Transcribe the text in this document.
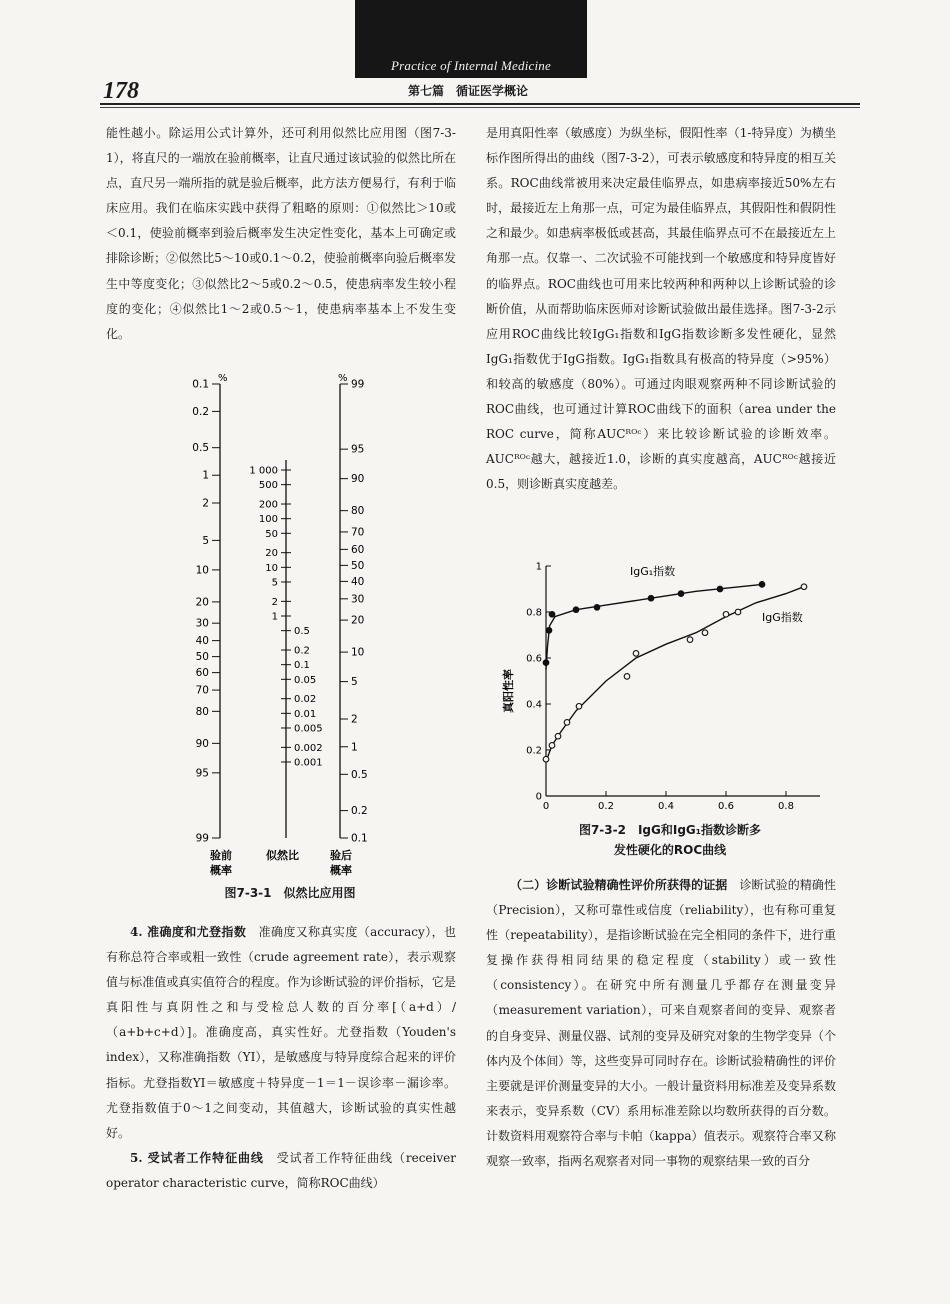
Practice of Internal Medicine
178	第七篇　循证医学概论

能性越小。除运用公式计算外，还可利用似然比应用图（图7-3-1），将直尺的一端放在验前概率，让直尺通过该试验的似然比所在点，直尺另一端所指的就是验后概率，此方法方便易行，有利于临床应用。我们在临床实践中获得了粗略的原则：①似然比＞10或＜0.1，使验前概率到验后概率发生决定性变化，基本上可确定或排除诊断；②似然比5～10或0.1～0.2，使验前概率向验后概率发生中等度变化；③似然比2～5或0.2～0.5，使患病率发生较小程度的变化；④似然比1～2或0.5～1，使患病率基本上不发生变化。

0.1
0.2
0.5
1
2
5
10
20
30
40
50
60
70
80
90
95
99
1 000
500
200
100
50
20
10
5
2
1
0.5
0.2
0.1
0.05
0.02
0.01
0.005
0.002
0.001
99
95
90
80
70
60
50
40
30
20
10
5
2
1
0.5
0.2
0.1
%	%
验前
概率
似然比	验后
概率
图7-3-1　似然比应用图

4. 准确度和尤登指数　 准确度又称真实度（accuracy），也有称总符合率或粗一致性（crude agreement rate），表示观察值与标准值或真实值符合的程度。作为诊断试验的评价指标，它是真阳性与真阴性之和与受检总人数的百分率[（a+d）/（a+b+c+d）]。准确度高，真实性好。尤登指数（Youden's index），又称准确指数（YI），是敏感度与特异度综合起来的评价指标。尤登指数YI＝敏感度＋特异度－1＝1－误诊率－漏诊率。尤登指数值于0～1之间变动，其值越大，诊断试验的真实性越好。

5. 受试者工作特征曲线　 受试者工作特征曲线（receiver operator characteristic curve，简称ROC曲线）

是用真阳性率（敏感度）为纵坐标，假阳性率（1-特异度）为横坐标作图所得出的曲线（图7-3-2），可表示敏感度和特异度的相互关系。ROC曲线常被用来决定最佳临界点，如患病率接近50%左右时，最接近左上角那一点，可定为最佳临界点，其假阳性和假阴性之和最少。如患病率极低或甚高，其最佳临界点可不在最接近左上角那一点。仅靠一、二次试验不可能找到一个敏感度和特异度皆好的临界点。ROC曲线也可用来比较两种和两种以上诊断试验的诊断价值，从而帮助临床医师对诊断试验做出最佳选择。图7-3-2示应用ROC曲线比较IgG₁指数和IgG指数诊断多发性硬化，显然IgG₁指数优于IgG指数。IgG₁指数具有极高的特异度（>95%）和较高的敏感度（80%）。可通过肉眼观察两种不同诊断试验的ROC曲线，也可通过计算ROC曲线下的面积（area under the ROC curve，简称AUCᴿᴼᶜ）来比较诊断试验的诊断效率。AUCᴿᴼᶜ越大，越接近1.0，诊断的真实度越高，AUCᴿᴼᶜ越接近0.5，则诊断真实度越差。

0	0.2	0.4	0.6	0.8
0
0.2
0.4
0.6
0.8
1
真阳性率
IgG₁指数
IgG指数
图7-3-2　IgG和IgG₁指数诊断多
发性硬化的ROC曲线

（二）诊断试验精确性评价所获得的证据　 诊断试验的精确性（Precision），又称可靠性或信度（reliability），也有称可重复性（repeatability），是指诊断试验在完全相同的条件下，进行重复操作获得相同结果的稳定程度（stability）或一致性（consistency）。在研究中所有测量几乎都存在测量变异（measurement variation），可来自观察者间的变异、观察者的自身变异、测量仪器、试剂的变异及研究对象的生物学变异（个体内及个体间）等，这些变异可同时存在。诊断试验精确性的评价主要就是评价测量变异的大小。一般计量资料用标准差及变异系数来表示，变异系数（CV）系用标准差除以均数所获得的百分数。计数资料用观察符合率与卡帕（kappa）值表示。观察符合率又称观察一致率，指两名观察者对同一事物的观察结果一致的百分
